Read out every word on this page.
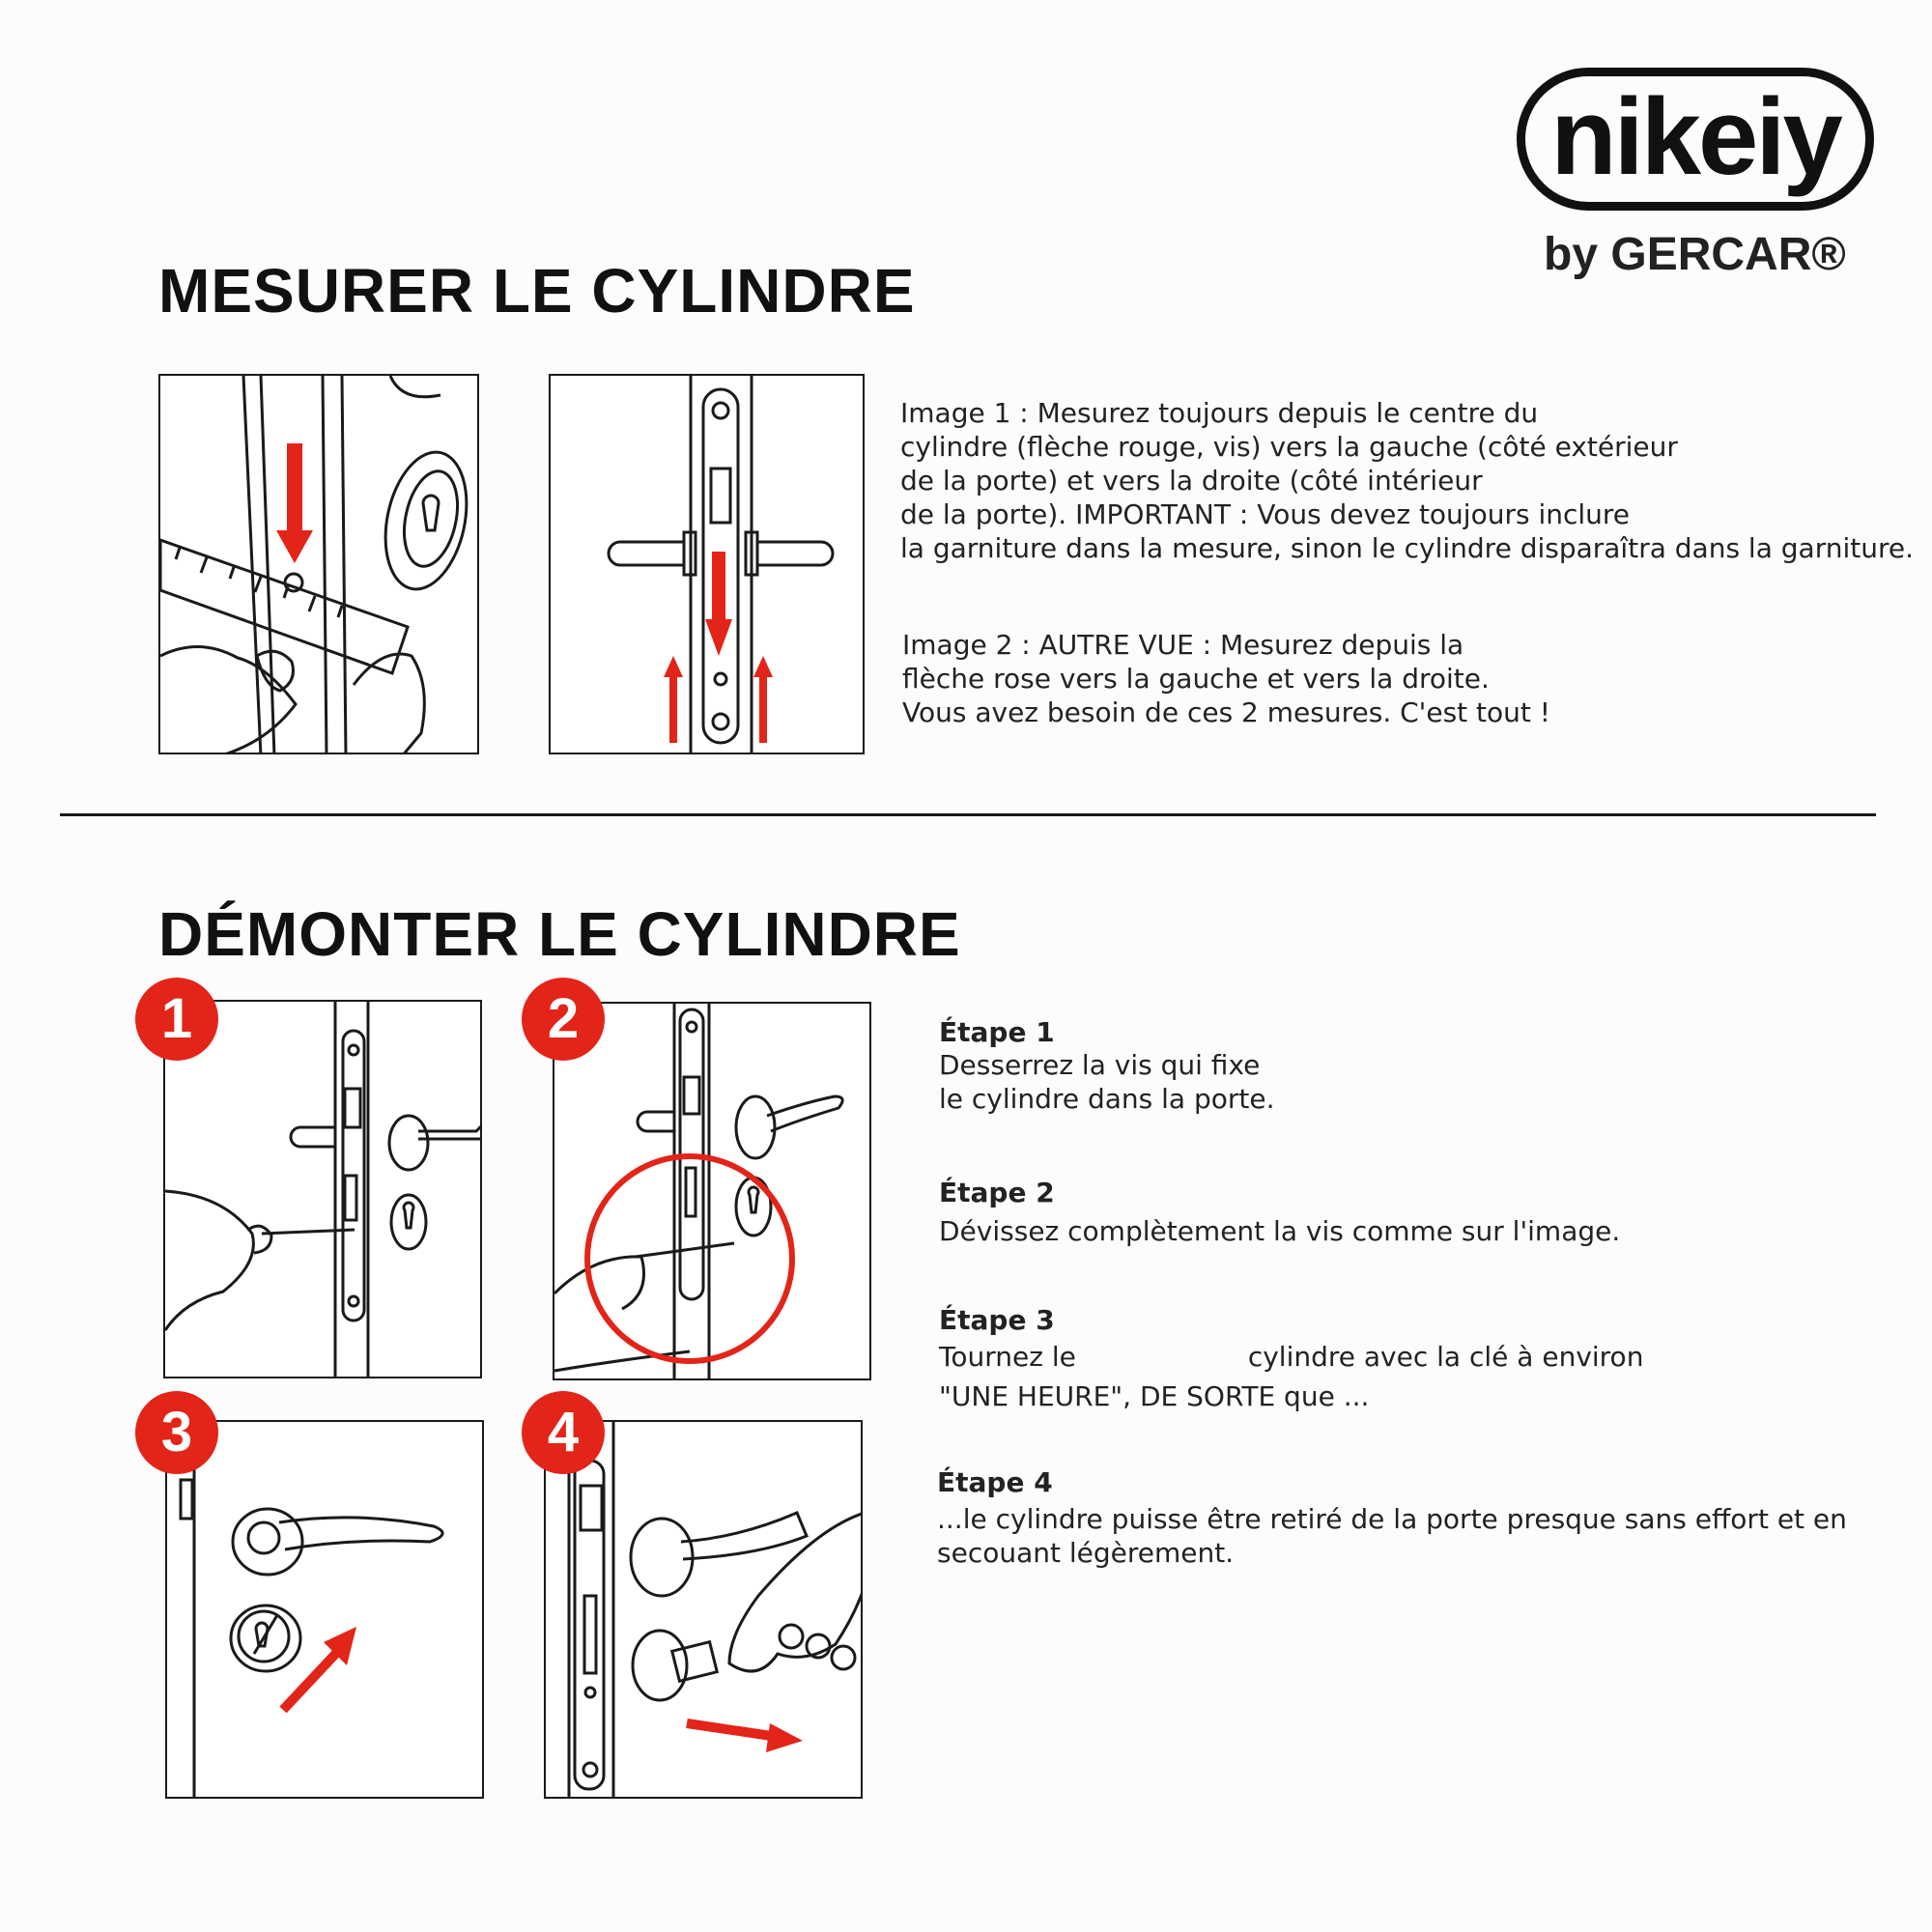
nikeiy
by GERCAR®
MESURER LE CYLINDRE
Image 1 : Mesurez toujours depuis le centre du
cylindre (flèche rouge, vis) vers la gauche (côté extérieur
de la porte) et vers la droite (côté intérieur
de la porte). IMPORTANT : Vous devez toujours inclure
la garniture dans la mesure, sinon le cylindre disparaîtra dans la garniture.
Image 2 : AUTRE VUE : Mesurez depuis la
flèche rose vers la gauche et vers la droite.
Vous avez besoin de ces 2 mesures. C'est tout !
DÉMONTER LE CYLINDRE
1	2
3	4
Étape 1
Desserrez la vis qui fixe
le cylindre dans la porte.
Étape 2
Dévissez complètement la vis comme sur l'image.
Étape 3
Tournez le                    cylindre avec la clé à environ
"UNE HEURE", DE SORTE que ...
Étape 4
...le cylindre puisse être retiré de la porte presque sans effort et en
secouant légèrement.
